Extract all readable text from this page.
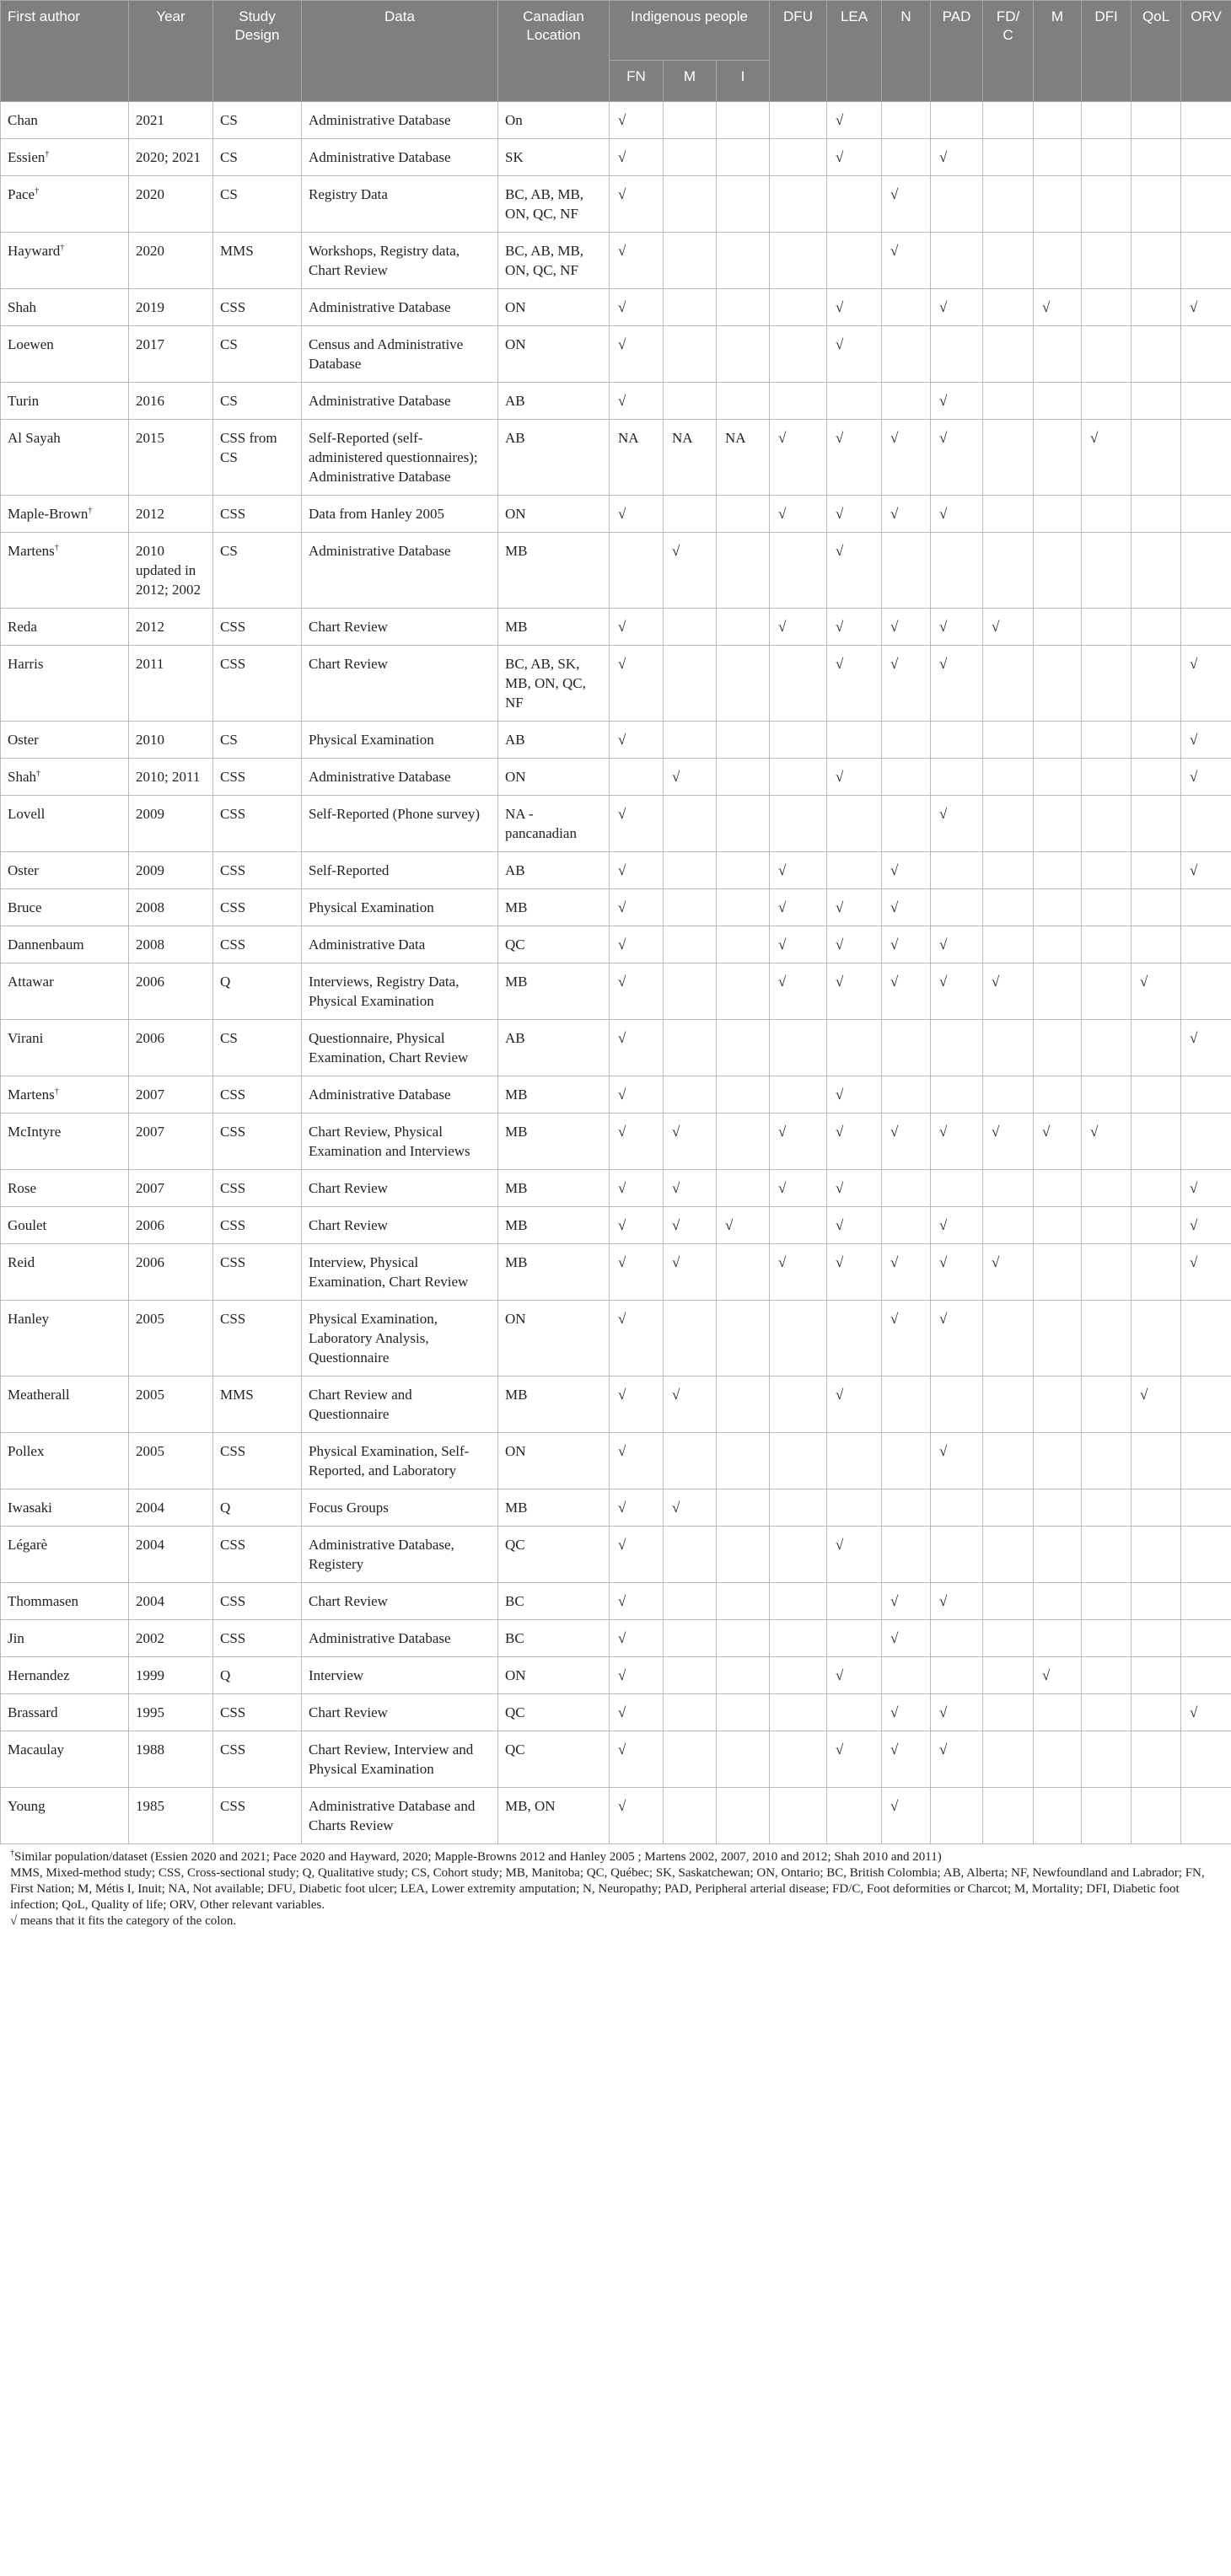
First author	Year	Study Design	Data	Canadian Location	Indigenous people			DFU	LEA	N	PAD	FD/ C	M	DFI	QoL	ORV
					FN	M	I									
Chan	2021	CS	Administrative Database	On	√				√							
Essien†	2020; 2021	CS	Administrative Database	SK	√				√		√					
Pace†	2020	CS	Registry Data	BC, AB, MB, ON, QC, NF	√					√						
Hayward†	2020	MMS	Workshops, Registry data, Chart Review	BC, AB, MB, ON, QC, NF	√					√						
Shah	2019	CSS	Administrative Database	ON	√				√		√		√			√
Loewen	2017	CS	Census and Administrative Database	ON	√				√							
Turin	2016	CS	Administrative Database	AB	√						√					
Al Sayah	2015	CSS from CS	Self-Reported (self-administered questionnaires); Administrative Database	AB	NA	NA	NA	√	√	√	√			√		
Maple-Brown†	2012	CSS	Data from Hanley 2005	ON	√			√	√	√	√					
Martens†	2010 updated in 2012; 2002	CS	Administrative Database	MB		√			√							
Reda	2012	CSS	Chart Review	MB	√			√	√	√	√	√				
Harris	2011	CSS	Chart Review	BC, AB, SK, MB, ON, QC, NF	√				√	√	√					√
Oster	2010	CS	Physical Examination	AB	√											√
Shah†	2010; 2011	CSS	Administrative Database	ON		√			√							√
Lovell	2009	CSS	Self-Reported (Phone survey)	NA - pancanadian	√						√					
Oster	2009	CSS	Self-Reported	AB	√			√		√						√
Bruce	2008	CSS	Physical Examination	MB	√			√	√	√						
Dannenbaum	2008	CSS	Administrative Data	QC	√			√	√	√	√					
Attawar	2006	Q	Interviews, Registry Data, Physical Examination	MB	√			√	√	√	√	√			√	
Virani	2006	CS	Questionnaire, Physical Examination, Chart Review	AB	√											√
Martens†	2007	CSS	Administrative Database	MB	√				√							
McIntyre	2007	CSS	Chart Review, Physical Examination and Interviews	MB	√	√		√	√	√	√	√	√	√		
Rose	2007	CSS	Chart Review	MB	√	√		√	√							√
Goulet	2006	CSS	Chart Review	MB	√	√	√		√		√					√
Reid	2006	CSS	Interview, Physical Examination, Chart Review	MB	√	√		√	√	√	√	√				√
Hanley	2005	CSS	Physical Examination, Laboratory Analysis, Questionnaire	ON	√					√	√					
Meatherall	2005	MMS	Chart Review and Questionnaire	MB	√	√			√						√	
Pollex	2005	CSS	Physical Examination, Self-Reported, and Laboratory	ON	√						√					
Iwasaki	2004	Q	Focus Groups	MB	√	√										
Légarè	2004	CSS	Administrative Database, Registery	QC	√				√							
Thommasen	2004	CSS	Chart Review	BC	√					√	√					
Jin	2002	CSS	Administrative Database	BC	√					√						
Hernandez	1999	Q	Interview	ON	√				√				√			
Brassard	1995	CSS	Chart Review	QC	√					√	√					√
Macaulay	1988	CSS	Chart Review, Interview and Physical Examination	QC	√				√	√	√					
Young	1985	CSS	Administrative Database and Charts Review	MB, ON	√					√						

†Similar population/dataset (Essien 2020 and 2021; Pace 2020 and Hayward, 2020; Mapple-Browns 2012 and Hanley 2005 ; Martens 2002, 2007, 2010 and 2012; Shah 2010 and 2011)

MMS, Mixed-method study; CSS, Cross-sectional study; Q, Qualitative study; CS, Cohort study; MB, Manitoba; QC, Québec; SK, Saskatchewan; ON, Ontario; BC, British Colombia; AB, Alberta; NF, Newfoundland and Labrador; FN, First Nation; M, Métis I, Inuit; NA, Not available; DFU, Diabetic foot ulcer; LEA, Lower extremity amputation; N, Neuropathy; PAD, Peripheral arterial disease; FD/C, Foot deformities or Charcot; M, Mortality; DFI, Diabetic foot infection; QoL, Quality of life; ORV, Other relevant variables.

√ means that it fits the category of the colon.
